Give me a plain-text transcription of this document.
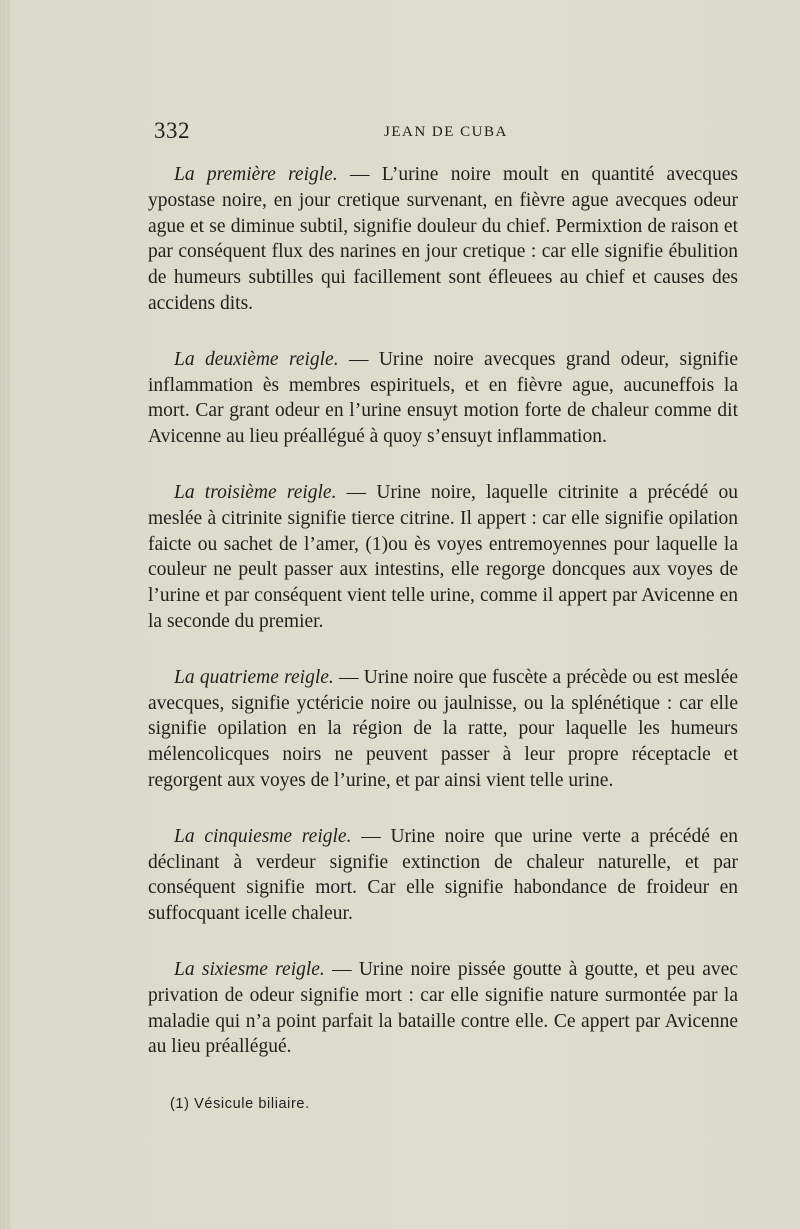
332	JEAN DE CUBA

La première reigle. — L’urine noire moult en quantité avecques ypostase noire, en jour cretique survenant, en fièvre ague avecques odeur ague et se diminue subtil, signifie douleur du chief. Permixtion de raison et par conséquent flux des narines en jour cretique : car elle signifie ébulition de humeurs subtilles qui facillement sont éfleuees au chief et causes des accidens dits.

La deuxième reigle. — Urine noire avecques grand odeur, signifie inflammation ès membres espirituels, et en fièvre ague, aucuneffois la mort. Car grant odeur en l’urine ensuyt motion forte de chaleur comme dit Avicenne au lieu préallégué à quoy s’ensuyt inflammation.

La troisième reigle. — Urine noire, laquelle citrinite a précédé ou meslée à citrinite signifie tierce citrine. Il appert : car elle signifie opilation faicte ou sachet de l’amer, (1)ou ès voyes entremoyennes pour laquelle la couleur ne peult passer aux intestins, elle regorge doncques aux voyes de l’urine et par conséquent vient telle urine, comme il appert par Avicenne en la seconde du premier.

La quatrieme reigle. — Urine noire que fuscète a précède ou est meslée avecques, signifie yctéricie noire ou jaulnisse, ou la splénétique : car elle signifie opilation en la région de la ratte, pour laquelle les humeurs mélencolicques noirs ne peuvent passer à leur propre réceptacle et regorgent aux voyes de l’urine, et par ainsi vient telle urine.

La cinquiesme reigle. — Urine noire que urine verte a précédé en déclinant à verdeur signifie extinction de chaleur naturelle, et par conséquent signifie mort. Car elle signifie habondance de froideur en suffocquant icelle chaleur.

La sixiesme reigle. — Urine noire pissée goutte à goutte, et peu avec privation de odeur signifie mort : car elle signifie nature surmontée par la maladie qui n’a point parfait la bataille contre elle. Ce appert par Avicenne au lieu préallégué.

(1) Vésicule biliaire.
